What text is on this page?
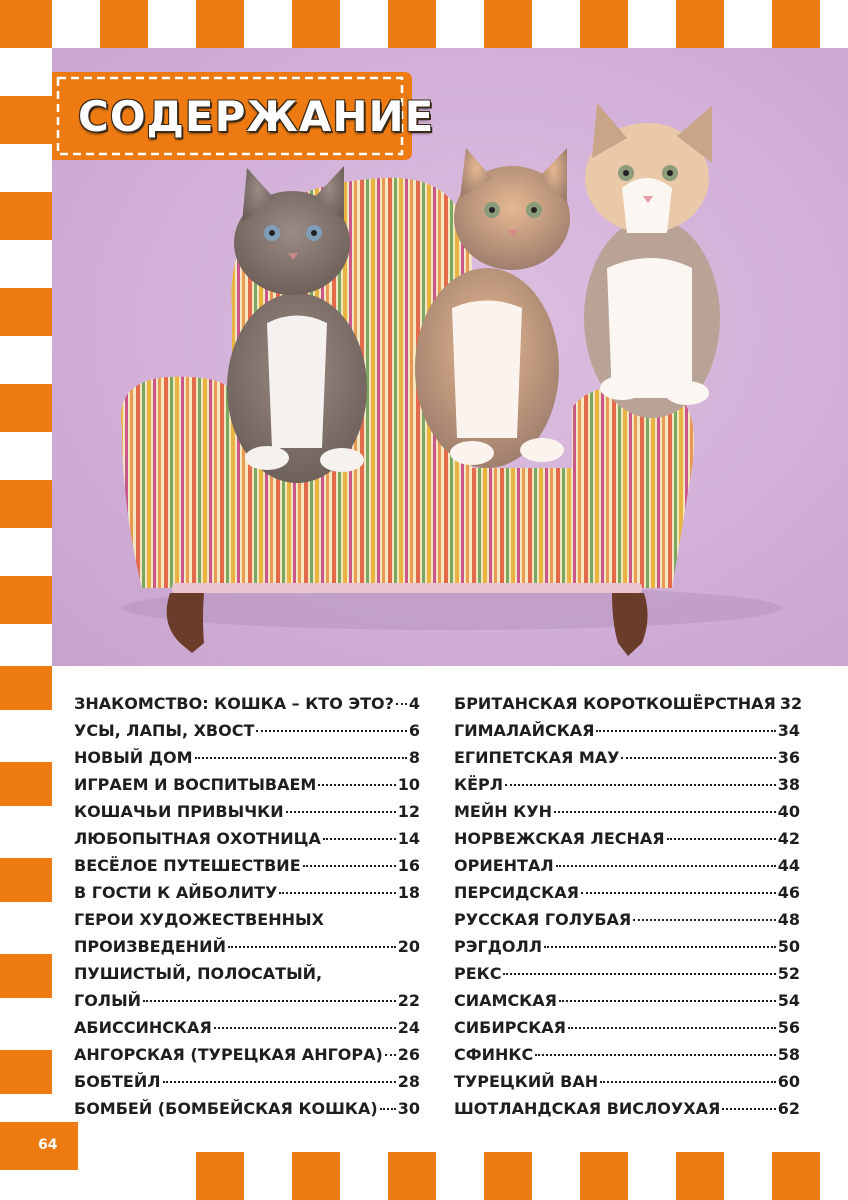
СОДЕРЖАНИЕ
ЗНАКОМСТВО: КОШКА – КТО ЭТО? 4
УСЫ, ЛАПЫ, ХВОСТ	6
НОВЫЙ ДОМ	8
ИГРАЕМ И ВОСПИТЫВАЕМ	10
КОШАЧЬИ ПРИВЫЧКИ	12
ЛЮБОПЫТНАЯ ОХОТНИЦА	14
ВЕСЁЛОЕ ПУТЕШЕСТВИЕ	16
В ГОСТИ К АЙБОЛИТУ	18
ГЕРОИ ХУДОЖЕСТВЕННЫХ
ПРОИЗВЕДЕНИЙ	20
ПУШИСТЫЙ, ПОЛОСАТЫЙ,
ГОЛЫЙ	22
АБИССИНСКАЯ	24
АНГОРСКАЯ (ТУРЕЦКАЯ АНГОРА) 26
БОБТЕЙЛ	28
БОМБЕЙ (БОМБЕЙСКАЯ КОШКА) 30
БРИТАНСКАЯ КОРОТКОШЁРСТНАЯ 32
ГИМАЛАЙСКАЯ	34
ЕГИПЕТСКАЯ МАУ	36
КЁРЛ	38
МЕЙН КУН	40
НОРВЕЖСКАЯ ЛЕСНАЯ	42
ОРИЕНТАЛ	44
ПЕРСИДСКАЯ	46
РУССКАЯ ГОЛУБАЯ	48
РЭГДОЛЛ	50
РЕКС	52
СИАМСКАЯ	54
СИБИРСКАЯ	56
СФИНКС	58
ТУРЕЦКИЙ ВАН	60
ШОТЛАНДСКАЯ ВИСЛОУХАЯ	62
64
